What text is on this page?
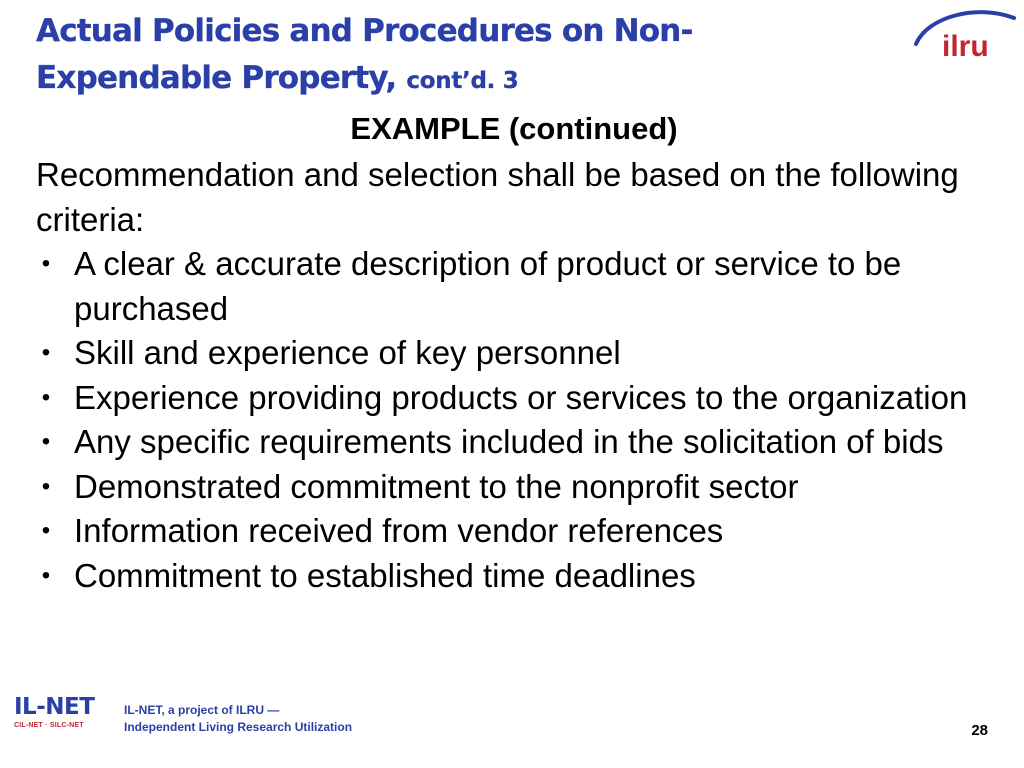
Actual Policies and Procedures on Non-Expendable Property, cont’d. 3
ilru
EXAMPLE (continued)
Recommendation and selection shall be based on the following criteria:
• A clear & accurate description of product or service to be purchased
• Skill and experience of key personnel
• Experience providing products or services to the organization
• Any specific requirements included in the solicitation of bids
• Demonstrated commitment to the nonprofit sector
• Information received from vendor references
• Commitment to established time deadlines
IL-NET
CIL-NET · SILC-NET
IL-NET, a project of ILRU —
Independent Living Research Utilization	28
